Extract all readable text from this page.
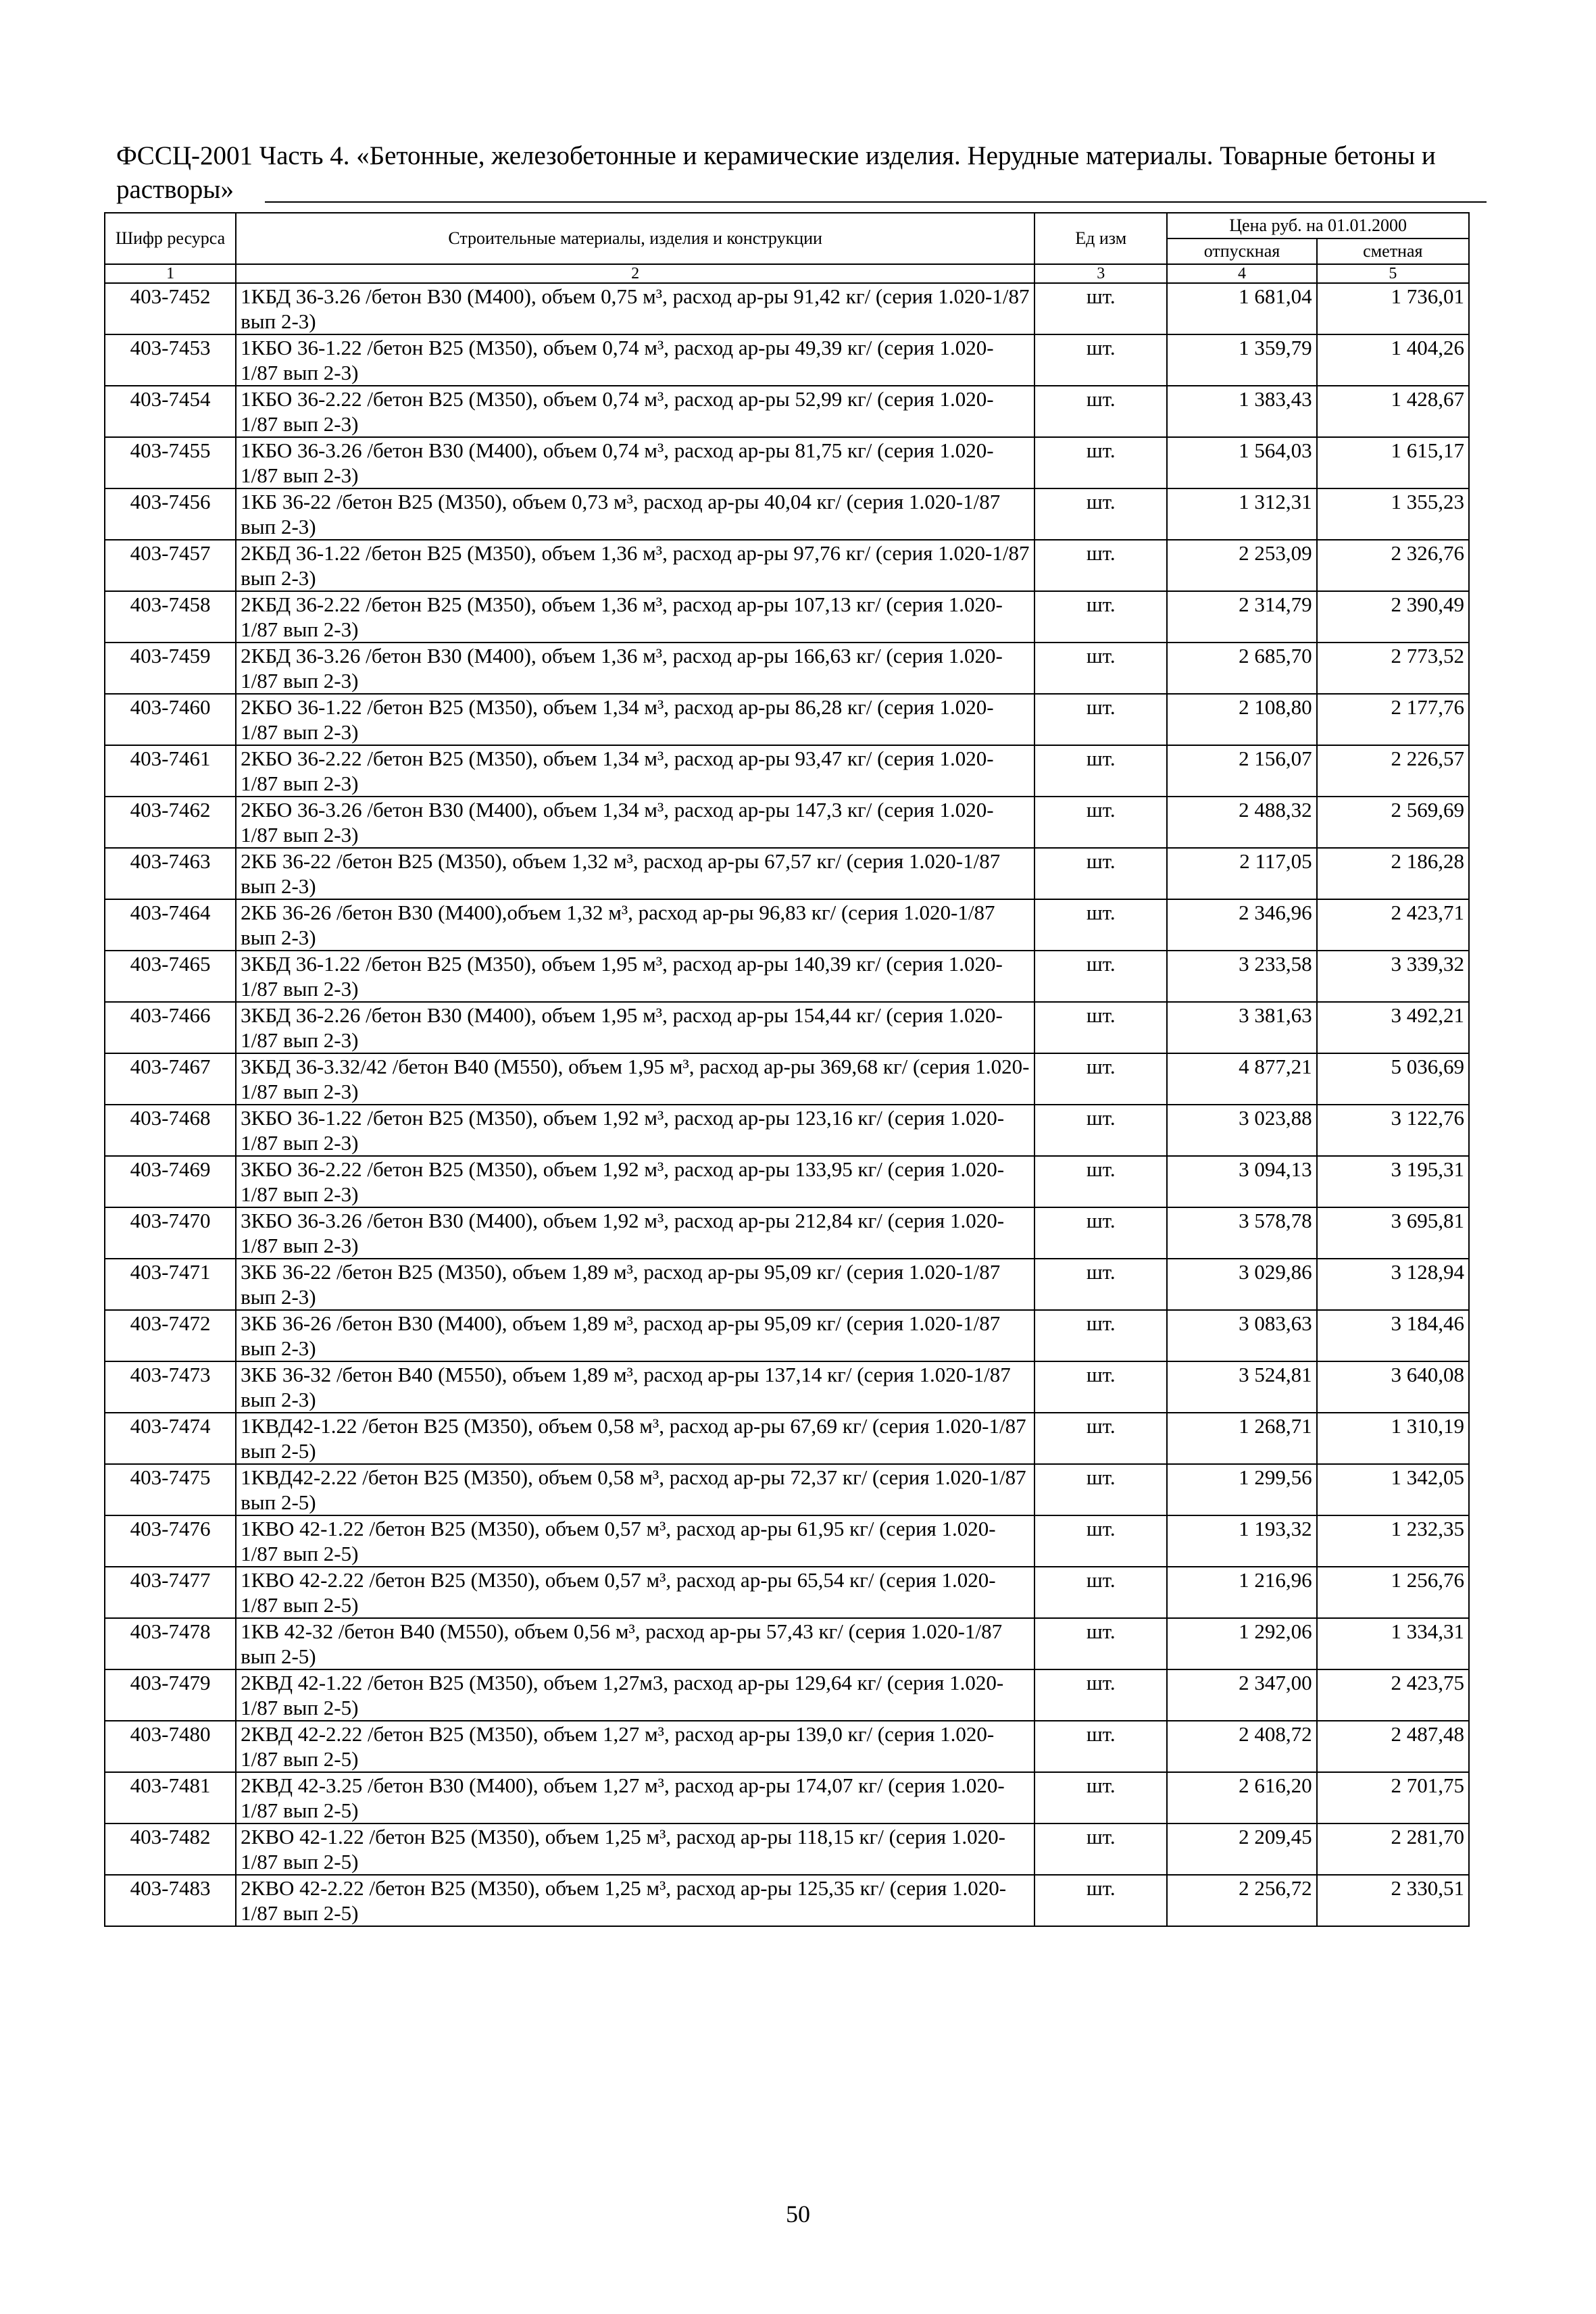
ФССЦ-2001 Часть 4. «Бетонные, железобетонные и керамические изделия. Нерудные материалы. Товарные бетоны и растворы»
Шифр ресурса	Строительные материалы, изделия и конструкции	Ед изм	Цена руб. на 01.01.2000	
			отпускная	сметная
1	2	3	4	5
403-7452	1КБД 36-3.26 /бетон В30 (М400), объем 0,75 м³, расход ар-ры 91,42 кг/ (серия 1.020-1/87 вып 2-3)	шт.	1 681,04	1 736,01
403-7453	1КБО 36-1.22 /бетон В25 (М350), объем 0,74 м³, расход ар-ры 49,39 кг/ (серия 1.020-1/87 вып 2-3)	шт.	1 359,79	1 404,26
403-7454	1КБО 36-2.22 /бетон В25 (М350), объем 0,74 м³, расход ар-ры 52,99 кг/ (серия 1.020-1/87 вып 2-3)	шт.	1 383,43	1 428,67
403-7455	1КБО 36-3.26 /бетон В30 (М400), объем 0,74 м³, расход ар-ры 81,75 кг/ (серия 1.020-1/87 вып 2-3)	шт.	1 564,03	1 615,17
403-7456	1КБ 36-22 /бетон В25 (М350), объем 0,73 м³, расход ар-ры 40,04 кг/ (серия 1.020-1/87 вып 2-3)	шт.	1 312,31	1 355,23
403-7457	2КБД 36-1.22 /бетон В25 (М350), объем 1,36 м³, расход ар-ры 97,76 кг/ (серия 1.020-1/87 вып 2-3)	шт.	2 253,09	2 326,76
403-7458	2КБД 36-2.22 /бетон В25 (М350), объем 1,36 м³, расход ар-ры 107,13 кг/ (серия 1.020-1/87 вып 2-3)	шт.	2 314,79	2 390,49
403-7459	2КБД 36-3.26 /бетон В30 (М400), объем 1,36 м³, расход ар-ры 166,63 кг/ (серия 1.020-1/87 вып 2-3)	шт.	2 685,70	2 773,52
403-7460	2КБО 36-1.22 /бетон В25 (М350), объем 1,34 м³, расход ар-ры 86,28 кг/ (серия 1.020-1/87 вып 2-3)	шт.	2 108,80	2 177,76
403-7461	2КБО 36-2.22 /бетон В25 (М350), объем 1,34 м³, расход ар-ры 93,47 кг/ (серия 1.020-1/87 вып 2-3)	шт.	2 156,07	2 226,57
403-7462	2КБО 36-3.26 /бетон В30 (М400), объем 1,34 м³, расход ар-ры 147,3 кг/ (серия 1.020-1/87 вып 2-3)	шт.	2 488,32	2 569,69
403-7463	2КБ 36-22 /бетон В25 (М350), объем 1,32 м³, расход ар-ры 67,57 кг/ (серия 1.020-1/87 вып 2-3)	шт.	2 117,05	2 186,28
403-7464	2КБ 36-26 /бетон В30 (М400),объем 1,32 м³, расход ар-ры 96,83 кг/ (серия 1.020-1/87 вып 2-3)	шт.	2 346,96	2 423,71
403-7465	3КБД 36-1.22 /бетон В25 (М350), объем 1,95 м³, расход ар-ры 140,39 кг/ (серия 1.020-1/87 вып 2-3)	шт.	3 233,58	3 339,32
403-7466	3КБД 36-2.26 /бетон В30 (М400), объем 1,95 м³, расход ар-ры 154,44 кг/ (серия 1.020-1/87 вып 2-3)	шт.	3 381,63	3 492,21
403-7467	3КБД 36-3.32/42 /бетон В40 (М550), объем 1,95 м³, расход ар-ры 369,68 кг/ (серия 1.020-1/87 вып 2-3)	шт.	4 877,21	5 036,69
403-7468	3КБО 36-1.22 /бетон В25 (М350), объем 1,92 м³, расход ар-ры 123,16 кг/ (серия 1.020-1/87 вып 2-3)	шт.	3 023,88	3 122,76
403-7469	3КБО 36-2.22 /бетон В25 (М350), объем 1,92 м³, расход ар-ры 133,95 кг/ (серия 1.020-1/87 вып 2-3)	шт.	3 094,13	3 195,31
403-7470	3КБО 36-3.26 /бетон В30 (М400), объем 1,92 м³, расход ар-ры 212,84 кг/ (серия 1.020-1/87 вып 2-3)	шт.	3 578,78	3 695,81
403-7471	3КБ 36-22 /бетон В25 (М350), объем 1,89 м³, расход ар-ры 95,09 кг/ (серия 1.020-1/87 вып 2-3)	шт.	3 029,86	3 128,94
403-7472	3КБ 36-26 /бетон В30 (М400), объем 1,89 м³, расход ар-ры 95,09 кг/ (серия 1.020-1/87 вып 2-3)	шт.	3 083,63	3 184,46
403-7473	3КБ 36-32 /бетон В40 (М550), объем 1,89 м³, расход ар-ры 137,14 кг/ (серия 1.020-1/87 вып 2-3)	шт.	3 524,81	3 640,08
403-7474	1КВД42-1.22 /бетон В25 (М350), объем 0,58 м³, расход ар-ры 67,69 кг/ (серия 1.020-1/87 вып 2-5)	шт.	1 268,71	1 310,19
403-7475	1КВД42-2.22 /бетон В25 (М350), объем 0,58 м³, расход ар-ры 72,37 кг/ (серия 1.020-1/87 вып 2-5)	шт.	1 299,56	1 342,05
403-7476	1КВО 42-1.22 /бетон В25 (М350), объем 0,57 м³, расход ар-ры 61,95 кг/ (серия 1.020-1/87 вып 2-5)	шт.	1 193,32	1 232,35
403-7477	1КВО 42-2.22 /бетон В25 (М350), объем 0,57 м³, расход ар-ры 65,54 кг/ (серия 1.020-1/87 вып 2-5)	шт.	1 216,96	1 256,76
403-7478	1КВ 42-32 /бетон В40 (М550), объем 0,56 м³, расход ар-ры 57,43 кг/ (серия 1.020-1/87 вып 2-5)	шт.	1 292,06	1 334,31
403-7479	2КВД 42-1.22 /бетон В25 (М350), объем 1,27м3, расход ар-ры 129,64 кг/ (серия 1.020-1/87 вып 2-5)	шт.	2 347,00	2 423,75
403-7480	2КВД 42-2.22 /бетон В25 (М350), объем 1,27 м³, расход ар-ры 139,0 кг/ (серия 1.020-1/87 вып 2-5)	шт.	2 408,72	2 487,48
403-7481	2КВД 42-3.25 /бетон В30 (М400), объем 1,27 м³, расход ар-ры 174,07 кг/ (серия 1.020-1/87 вып 2-5)	шт.	2 616,20	2 701,75
403-7482	2КВО 42-1.22 /бетон В25 (М350), объем 1,25 м³, расход ар-ры 118,15 кг/ (серия 1.020-1/87 вып 2-5)	шт.	2 209,45	2 281,70
403-7483	2КВО 42-2.22 /бетон В25 (М350), объем 1,25 м³, расход ар-ры 125,35 кг/ (серия 1.020-1/87 вып 2-5)	шт.	2 256,72	2 330,51
50
